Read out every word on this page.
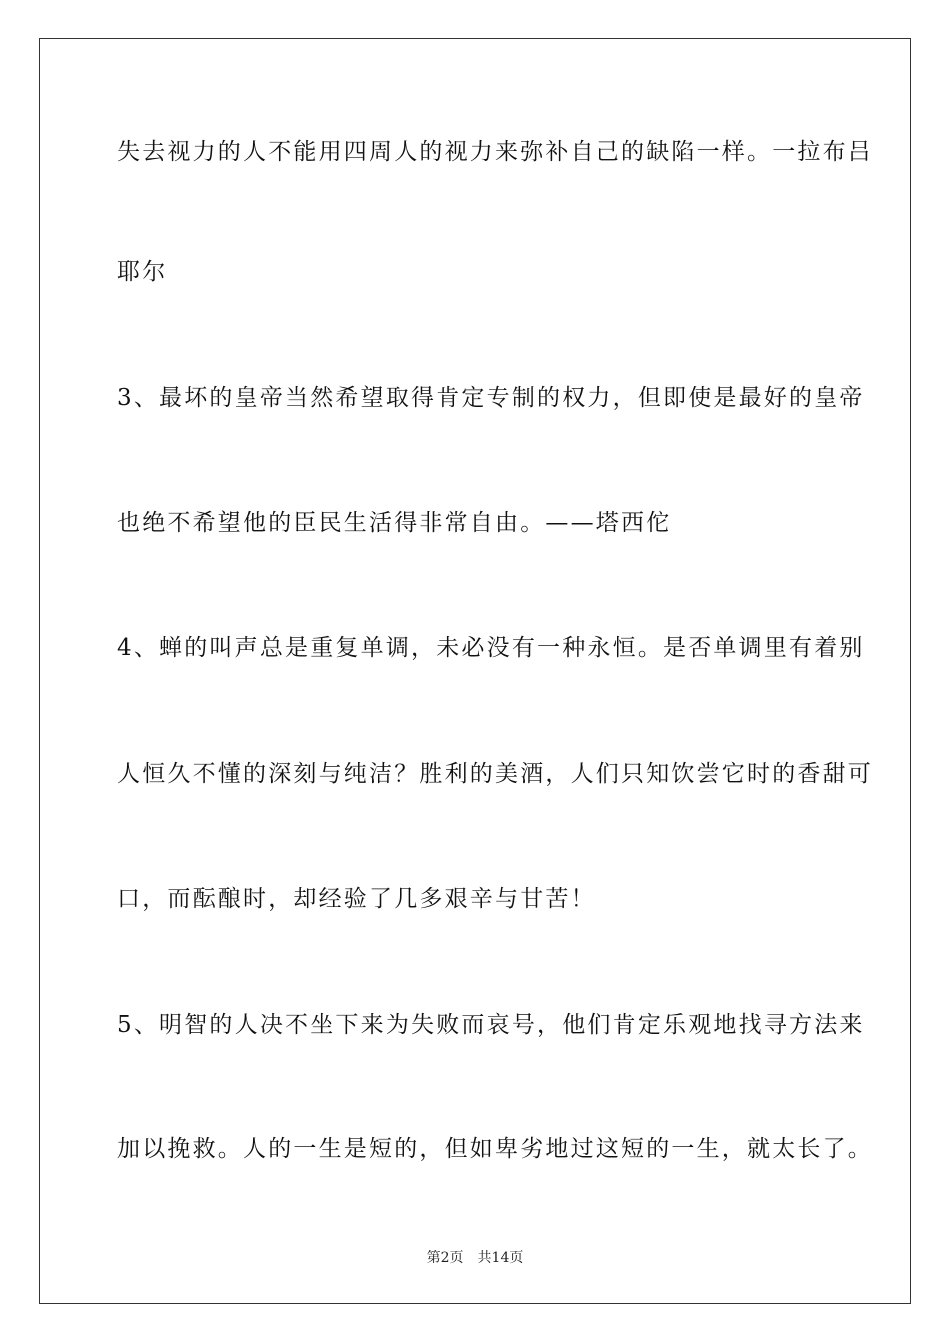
失去视力的人不能用四周人的视力来弥补自己的缺陷一样。一拉布吕
耶尔
3、最坏的皇帝当然希望取得肯定专制的权力，但即使是最好的皇帝
也绝不希望他的臣民生活得非常自由。——塔西佗
4、蝉的叫声总是重复单调，未必没有一种永恒。是否单调里有着别
人恒久不懂的深刻与纯洁？胜利的美酒，人们只知饮尝它时的香甜可
口，而酝酿时，却经验了几多艰辛与甘苦！
5、明智的人决不坐下来为失败而哀号，他们肯定乐观地找寻方法来
加以挽救。人的一生是短的，但如卑劣地过这短的一生，就太长了。
第2页 共14页
